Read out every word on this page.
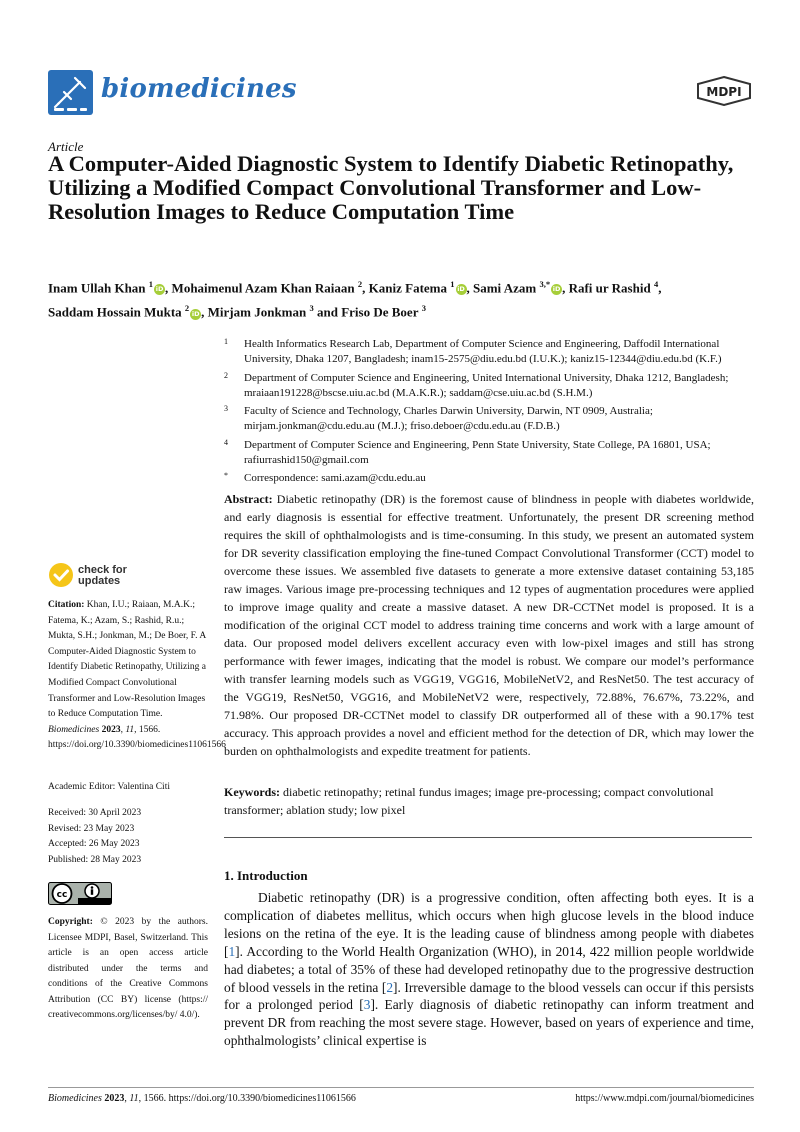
biomedicines	MDPI
Article
A Computer-Aided Diagnostic System to Identify Diabetic Retinopathy, Utilizing a Modified Compact Convolutional Transformer and Low-Resolution Images to Reduce Computation Time
Inam Ullah Khan $^1$iD , Mohaimenul Azam Khan Raiaan $^2$, Kaniz Fatema $^1$iD , Sami Azam $^{3,*}$iD , Rafi ur Rashid $^4$,
Saddam Hossain Mukta $^2$iD , Mirjam Jonkman $^3$ and Friso De Boer $^3$
1 Health Informatics Research Lab, Department of Computer Science and Engineering, Daffodil International University, Dhaka 1207, Bangladesh; inam15-2575@diu.edu.bd (I.U.K.); kaniz15-12344@diu.edu.bd (K.F.)
2 Department of Computer Science and Engineering, United International University, Dhaka 1212, Bangladesh; mraiaan191228@bscse.uiu.ac.bd (M.A.K.R.); saddam@cse.uiu.ac.bd (S.H.M.)
3 Faculty of Science and Technology, Charles Darwin University, Darwin, NT 0909, Australia; mirjam.jonkman@cdu.edu.au (M.J.); friso.deboer@cdu.edu.au (F.D.B.)
4 Department of Computer Science and Engineering, Penn State University, State College, PA 16801, USA; rafiurrashid150@gmail.com
* Correspondence: sami.azam@cdu.edu.au
check for
updates
Citation: Khan, I.U.; Raiaan, M.A.K.; Fatema, K.; Azam, S.; Rashid, R.u.; Mukta, S.H.; Jonkman, M.; De Boer, F. A Computer-Aided Diagnostic System to Identify Diabetic Retinopathy, Utilizing a Modified Compact Convolutional Transformer and Low-Resolution Images to Reduce Computation Time. Biomedicines 2023, 11, 1566. https://doi.org/10.3390/biomedicines11061566
Academic Editor: Valentina Citi
Received: 30 April 2023
Revised: 23 May 2023
Accepted: 26 May 2023
Published: 28 May 2023
cc
Copyright: © 2023 by the authors. Licensee MDPI, Basel, Switzerland. This article is an open access article distributed under the terms and conditions of the Creative Commons Attribution (CC BY) license (https:// creativecommons.org/licenses/by/ 4.0/).
Abstract: Diabetic retinopathy (DR) is the foremost cause of blindness in people with diabetes worldwide, and early diagnosis is essential for effective treatment. Unfortunately, the present DR screening method requires the skill of ophthalmologists and is time-consuming. In this study, we present an automated system for DR severity classification employing the fine-tuned Compact Convolutional Transformer (CCT) model to overcome these issues. We assembled five datasets to generate a more extensive dataset containing 53,185 raw images. Various image pre-processing techniques and 12 types of augmentation procedures were applied to improve image quality and create a massive dataset. A new DR-CCTNet model is proposed. It is a modification of the original CCT model to address training time concerns and work with a large amount of data. Our proposed model delivers excellent accuracy even with low-pixel images and still has strong performance with fewer images, indicating that the model is robust. We compare our model’s performance with transfer learning models such as VGG19, VGG16, MobileNetV2, and ResNet50. The test accuracy of the VGG19, ResNet50, VGG16, and MobileNetV2 were, respectively, 72.88%, 76.67%, 73.22%, and 71.98%. Our proposed DR-CCTNet model to classify DR outperformed all of these with a 90.17% test accuracy. This approach provides a novel and efficient method for the detection of DR, which may lower the burden on ophthalmologists and expedite treatment for patients.
Keywords: diabetic retinopathy; retinal fundus images; image pre-processing; compact convolutional transformer; ablation study; low pixel
1. Introduction
Diabetic retinopathy (DR) is a progressive condition, often affecting both eyes. It is a complication of diabetes mellitus, which occurs when high glucose levels in the blood induce lesions on the retina of the eye. It is the leading cause of blindness among people with diabetes [1]. According to the World Health Organization (WHO), in 2014, 422 million people worldwide had diabetes; a total of 35% of these had developed retinopathy due to the progressive destruction of blood vessels in the retina [2]. Irreversible damage to the blood vessels can occur if this persists for a prolonged period [3]. Early diagnosis of diabetic retinopathy can inform treatment and prevent DR from reaching the most severe stage. However, based on years of experience and time, ophthalmologists’ clinical expertise is
Biomedicines 2023, 11, 1566. https://doi.org/10.3390/biomedicines11061566	https://www.mdpi.com/journal/biomedicines
